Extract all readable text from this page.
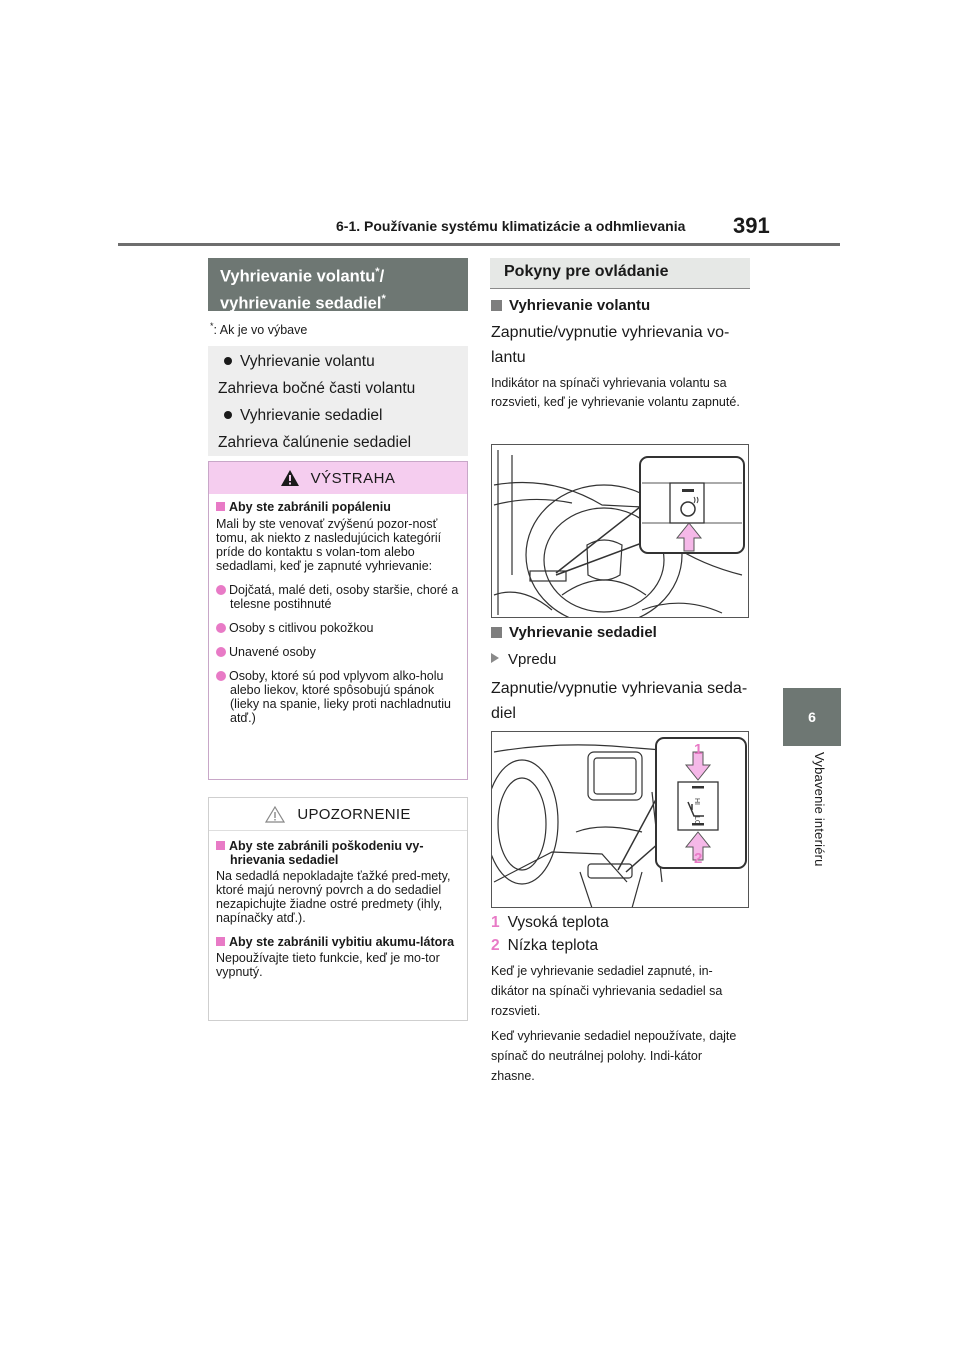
6-1. Používanie systému klimatizácie a odhmlievania 391
6
Vybavenie interiéru
Vyhrievanie volantu*/
vyhrievanie sedadiel*
*: Ak je vo výbave
Vyhrievanie volantu
Zahrieva bočné časti volantu
Vyhrievanie sedadiel
Zahrieva čalúnenie sedadiel
VÝSTRAHA
Aby ste zabránili popáleniu
Mali by ste venovať zvýšenú pozor-nosť tomu, ak niekto z nasledujúcich kategórií príde do kontaktu s volan-tom alebo sedadlami, keď je zapnuté vyhrievanie:
Dojčatá, malé deti, osoby staršie, choré a telesne postihnuté
Osoby s citlivou pokožkou
Unavené osoby
Osoby, ktoré sú pod vplyvom alko-holu alebo liekov, ktoré spôsobujú spánok (lieky na spanie, lieky proti nachladnutiu atď.)
UPOZORNENIE
Aby ste zabránili poškodeniu vy-hrievania sedadiel
Na sedadlá nepokladajte ťažké pred-mety, ktoré majú nerovný povrch a do sedadiel nezapichujte žiadne ostré predmety (ihly, napínačky atď.).
Aby ste zabránili vybitiu akumu-látora
Nepoužívajte tieto funkcie, keď je mo-tor vypnutý.
Pokyny pre ovládanie
Vyhrievanie volantu
Zapnutie/vypnutie vyhrievania vo-
lantu
Indikátor na spínači vyhrievania volantu sa rozsvieti, keď je vyhrievanie volantu zapnuté.
Vyhrievanie sedadiel
Vpredu
Zapnutie/vypnutie vyhrievania seda-
diel
HI
LO
1
2
1 Vysoká teplota
2 Nízka teplota
Keď je vyhrievanie sedadiel zapnuté, in-dikátor na spínači vyhrievania sedadiel sa rozsvieti.
Keď vyhrievanie sedadiel nepoužívate, dajte spínač do neutrálnej polohy. Indi-kátor zhasne.
